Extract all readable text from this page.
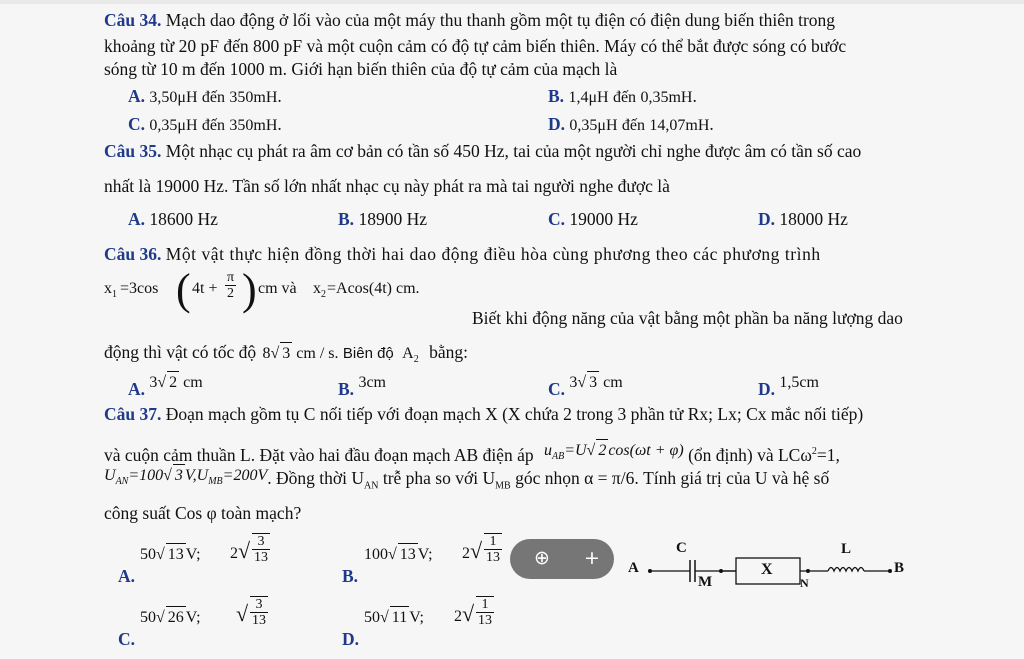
Câu 34. Mạch dao động ở lối vào của một máy thu thanh gồm một tụ điện có điện dung biến thiên trong
khoảng từ 20 pF đến 800 pF và một cuộn cảm có độ tự cảm biến thiên. Máy có thể bắt được sóng có bước
sóng từ 10 m đến 1000 m. Giới hạn biến thiên của độ tự cảm của mạch là
A. 3,50μH đến 350mH.	B. 1,4μH đến 0,35mH.
C. 0,35μH đến 350mH.	D. 0,35μH đến 14,07mH.
Câu 35. Một nhạc cụ phát ra âm cơ bản có tần số 450 Hz, tai của một người chỉ nghe được âm có tần số cao
nhất là 19000 Hz. Tần số lớn nhất nhạc cụ này phát ra mà tai người nghe được là
A. 18600 Hz	B. 18900 Hz	C. 19000 Hz	D. 18000 Hz
Câu 36. Một vật thực hiện đồng thời hai dao động điều hòa cùng phương theo các phương trình
$x_1 =3\cos$ ( $4t + \frac{\pi}{2}$ ) cm và $x_2 =Acos(4t)$ cm.
Biết khi động năng của vật bằng một phần ba năng lượng dao
động thì vật có tốc độ 8√ 3 cm / s. Biên độ $A_2$ bằng:
A. 3√ 2 cm	B. 3cm	C. 3√ 3 cm	D. 1,5cm
Câu 37. Đoạn mạch gồm tụ C nối tiếp với đoạn mạch X (X chứa 2 trong 3 phần tử Rx; Lx; Cx mắc nối tiếp)
và cuộn cảm thuần L. Đặt vào hai đầu đoạn mạch AB điện áp $u_{AB}=U√$ 2 cos(ωt + φ) (ổn định) và LCω$^2$=1,
$U_{AN}=100√$ 3 $V,U_{MB}=200V$. Đồng thời $U_{AN}$ trễ pha so với $U_{MB}$ góc nhọn α = π/6. Tính giá trị của U và hệ số
công suất Cos φ toàn mạch?
A.
50√ 13 V; 2 √ $\frac{3}{13}$
B.
100√ 13 V; 2 √ $\frac{1}{13}$
C.
50√ 26 V; √ $\frac{3}{13}$
D.
50√ 11 V; 2 √ $\frac{1}{13}$
⊕ + A
C
M
X
N
L
B
